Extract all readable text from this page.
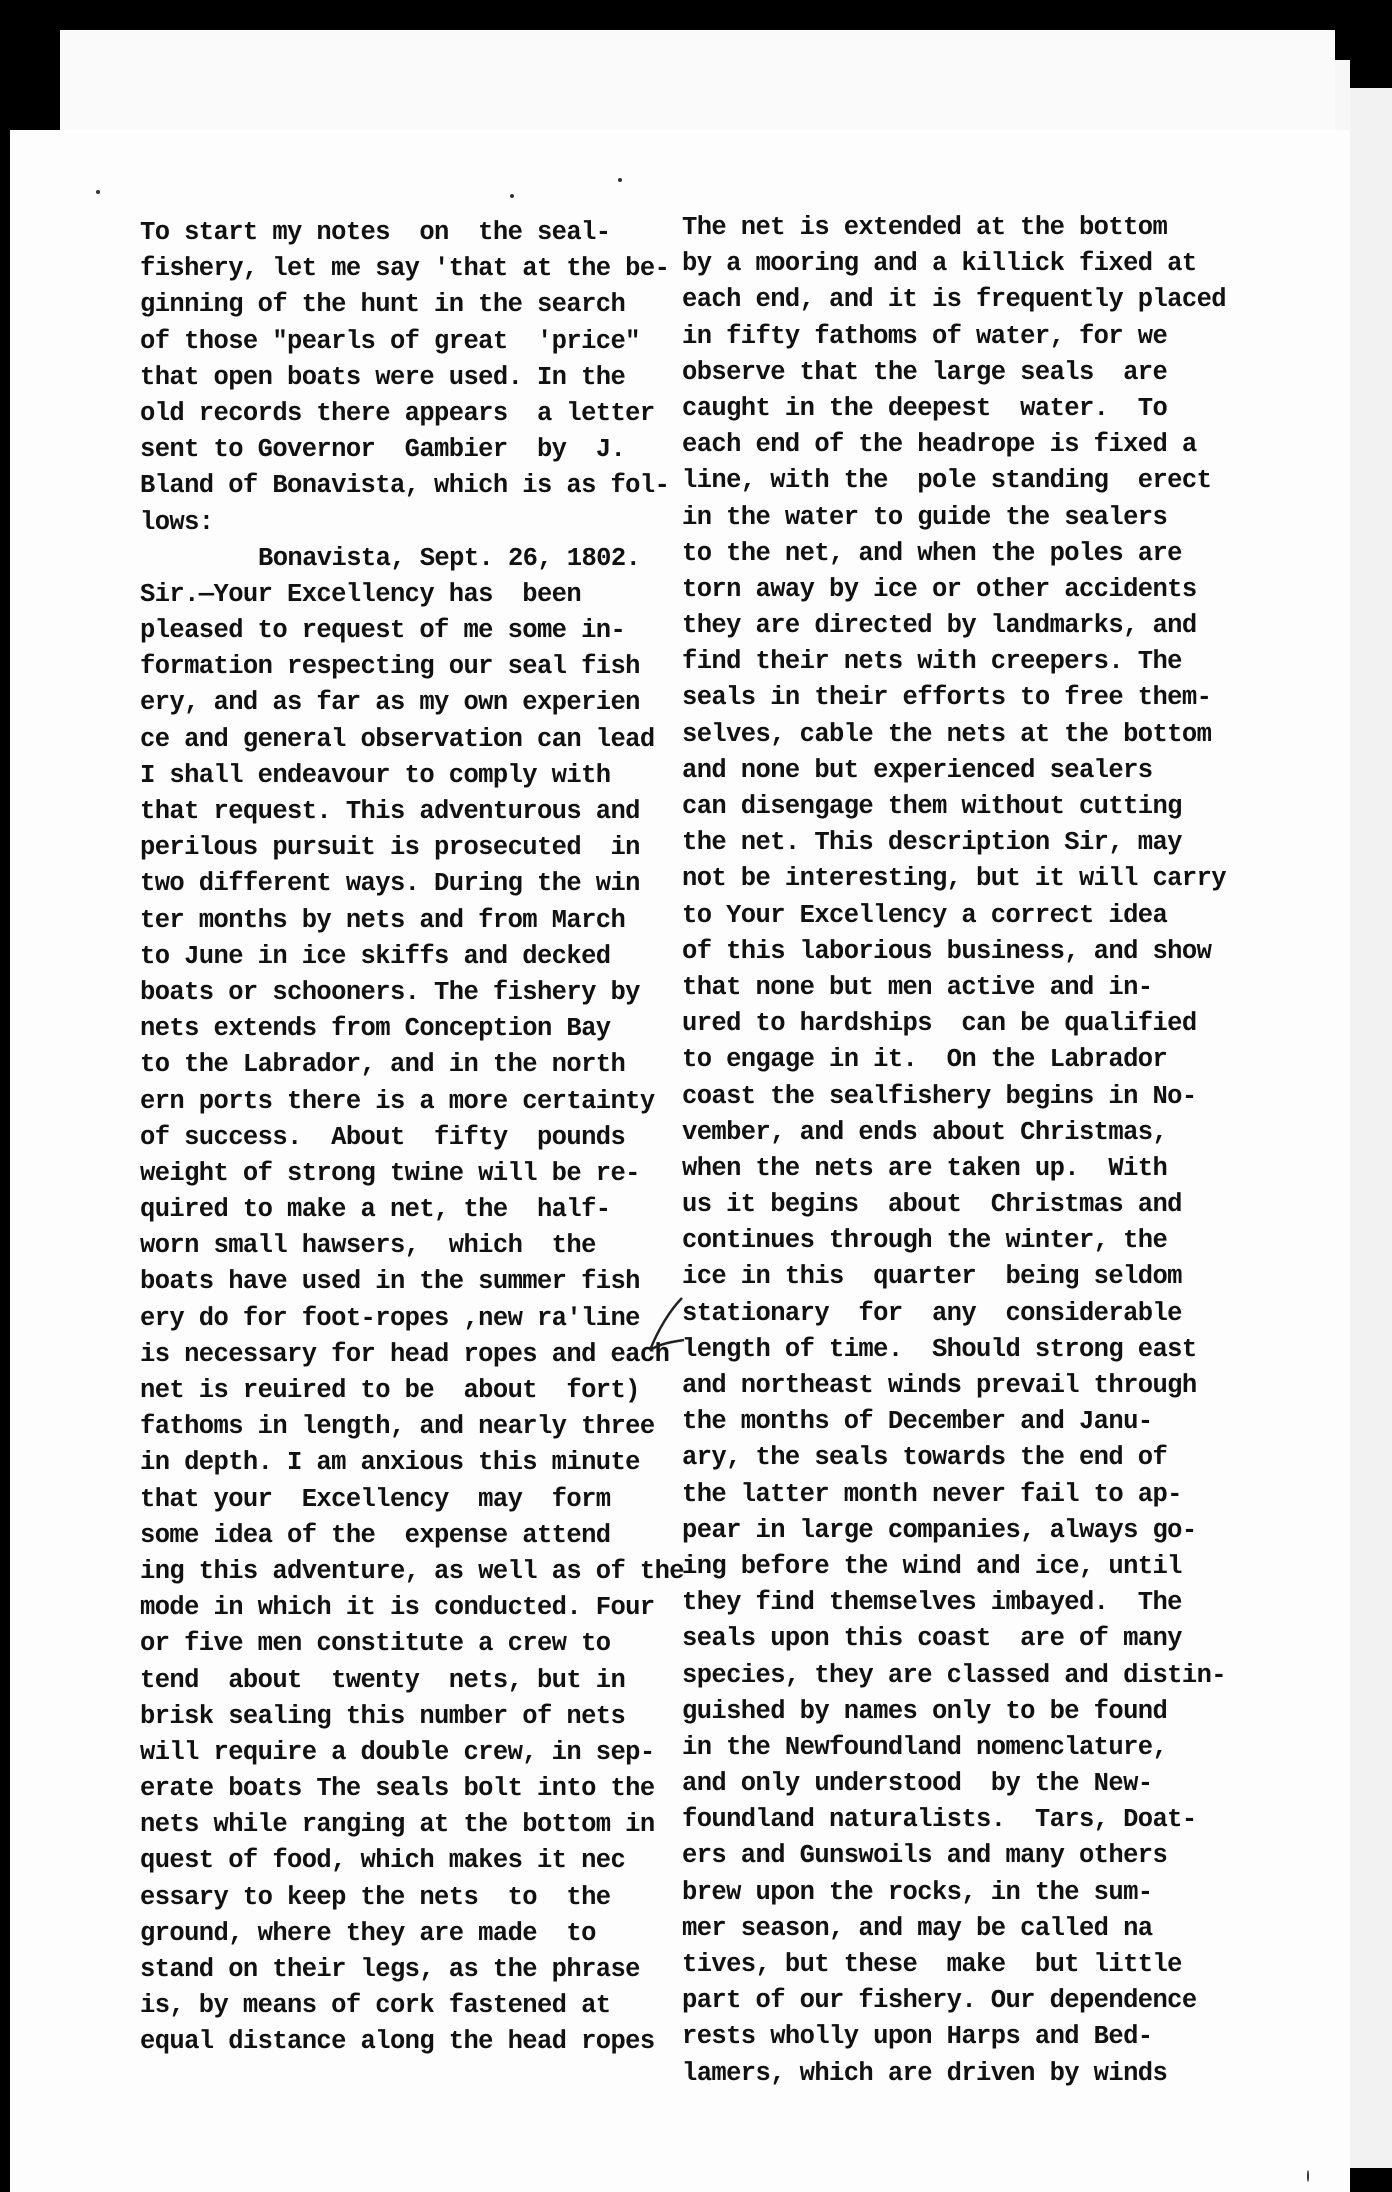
To start my notes  on  the seal-
fishery, let me say 'that at the be-
ginning of the hunt in the search
of those "pearls of great  'price"
that open boats were used. In the
old records there appears  a letter
sent to Governor  Gambier  by  J.
Bland of Bonavista, which is as fol-
lows:
Bonavista, Sept. 26, 1802.
Sir.—Your Excellency has  been
pleased to request of me some in-
formation respecting our seal fish
ery, and as far as my own experien
ce and general observation can lead
I shall endeavour to comply with
that request. This adventurous and
perilous pursuit is prosecuted  in
two different ways. During the win
ter months by nets and from March
to June in ice skiffs and decked
boats or schooners. The fishery by
nets extends from Conception Bay
to the Labrador, and in the north
ern ports there is a more certainty
of success.  About  fifty  pounds
weight of strong twine will be re-
quired to make a net, the  half-
worn small hawsers,  which  the
boats have used in the summer fish
ery do for foot-ropes ,new ra'line
is necessary for head ropes and each
net is reuired to be  about  fort)
fathoms in length, and nearly three
in depth. I am anxious this minute
that your  Excellency  may  form
some idea of the  expense attend
ing this adventure, as well as of the
mode in which it is conducted. Four
or five men constitute a crew to
tend  about  twenty  nets, but in
brisk sealing this number of nets
will require a double crew, in sep-
erate boats The seals bolt into the
nets while ranging at the bottom in
quest of food, which makes it nec
essary to keep the nets  to  the
ground, where they are made  to
stand on their legs, as the phrase
is, by means of cork fastened at
equal distance along the head ropes
The net is extended at the bottom
by a mooring and a killick fixed at
each end, and it is frequently placed
in fifty fathoms of water, for we
observe that the large seals  are
caught in the deepest  water.  To
each end of the headrope is fixed a
line, with the  pole standing  erect
in the water to guide the sealers
to the net, and when the poles are
torn away by ice or other accidents
they are directed by landmarks, and
find their nets with creepers. The
seals in their efforts to free them-
selves, cable the nets at the bottom
and none but experienced sealers
can disengage them without cutting
the net. This description Sir, may
not be interesting, but it will carry
to Your Excellency a correct idea
of this laborious business, and show
that none but men active and in-
ured to hardships  can be qualified
to engage in it.  On the Labrador
coast the sealfishery begins in No-
vember, and ends about Christmas,
when the nets are taken up.  With
us it begins  about  Christmas and
continues through the winter, the
ice in this  quarter  being seldom
stationary  for  any  considerable
length of time.  Should strong east
and northeast winds prevail through
the months of December and Janu-
ary, the seals towards the end of
the latter month never fail to ap-
pear in large companies, always go-
ing before the wind and ice, until
they find themselves imbayed.  The
seals upon this coast  are of many
species, they are classed and distin-
guished by names only to be found
in the Newfoundland nomenclature,
and only understood  by the New-
foundland naturalists.  Tars, Doat-
ers and Gunswoils and many others
brew upon the rocks, in the sum-
mer season, and may be called na
tives, but these  make  but little
part of our fishery. Our dependence
rests wholly upon Harps and Bed-
lamers, which are driven by winds
